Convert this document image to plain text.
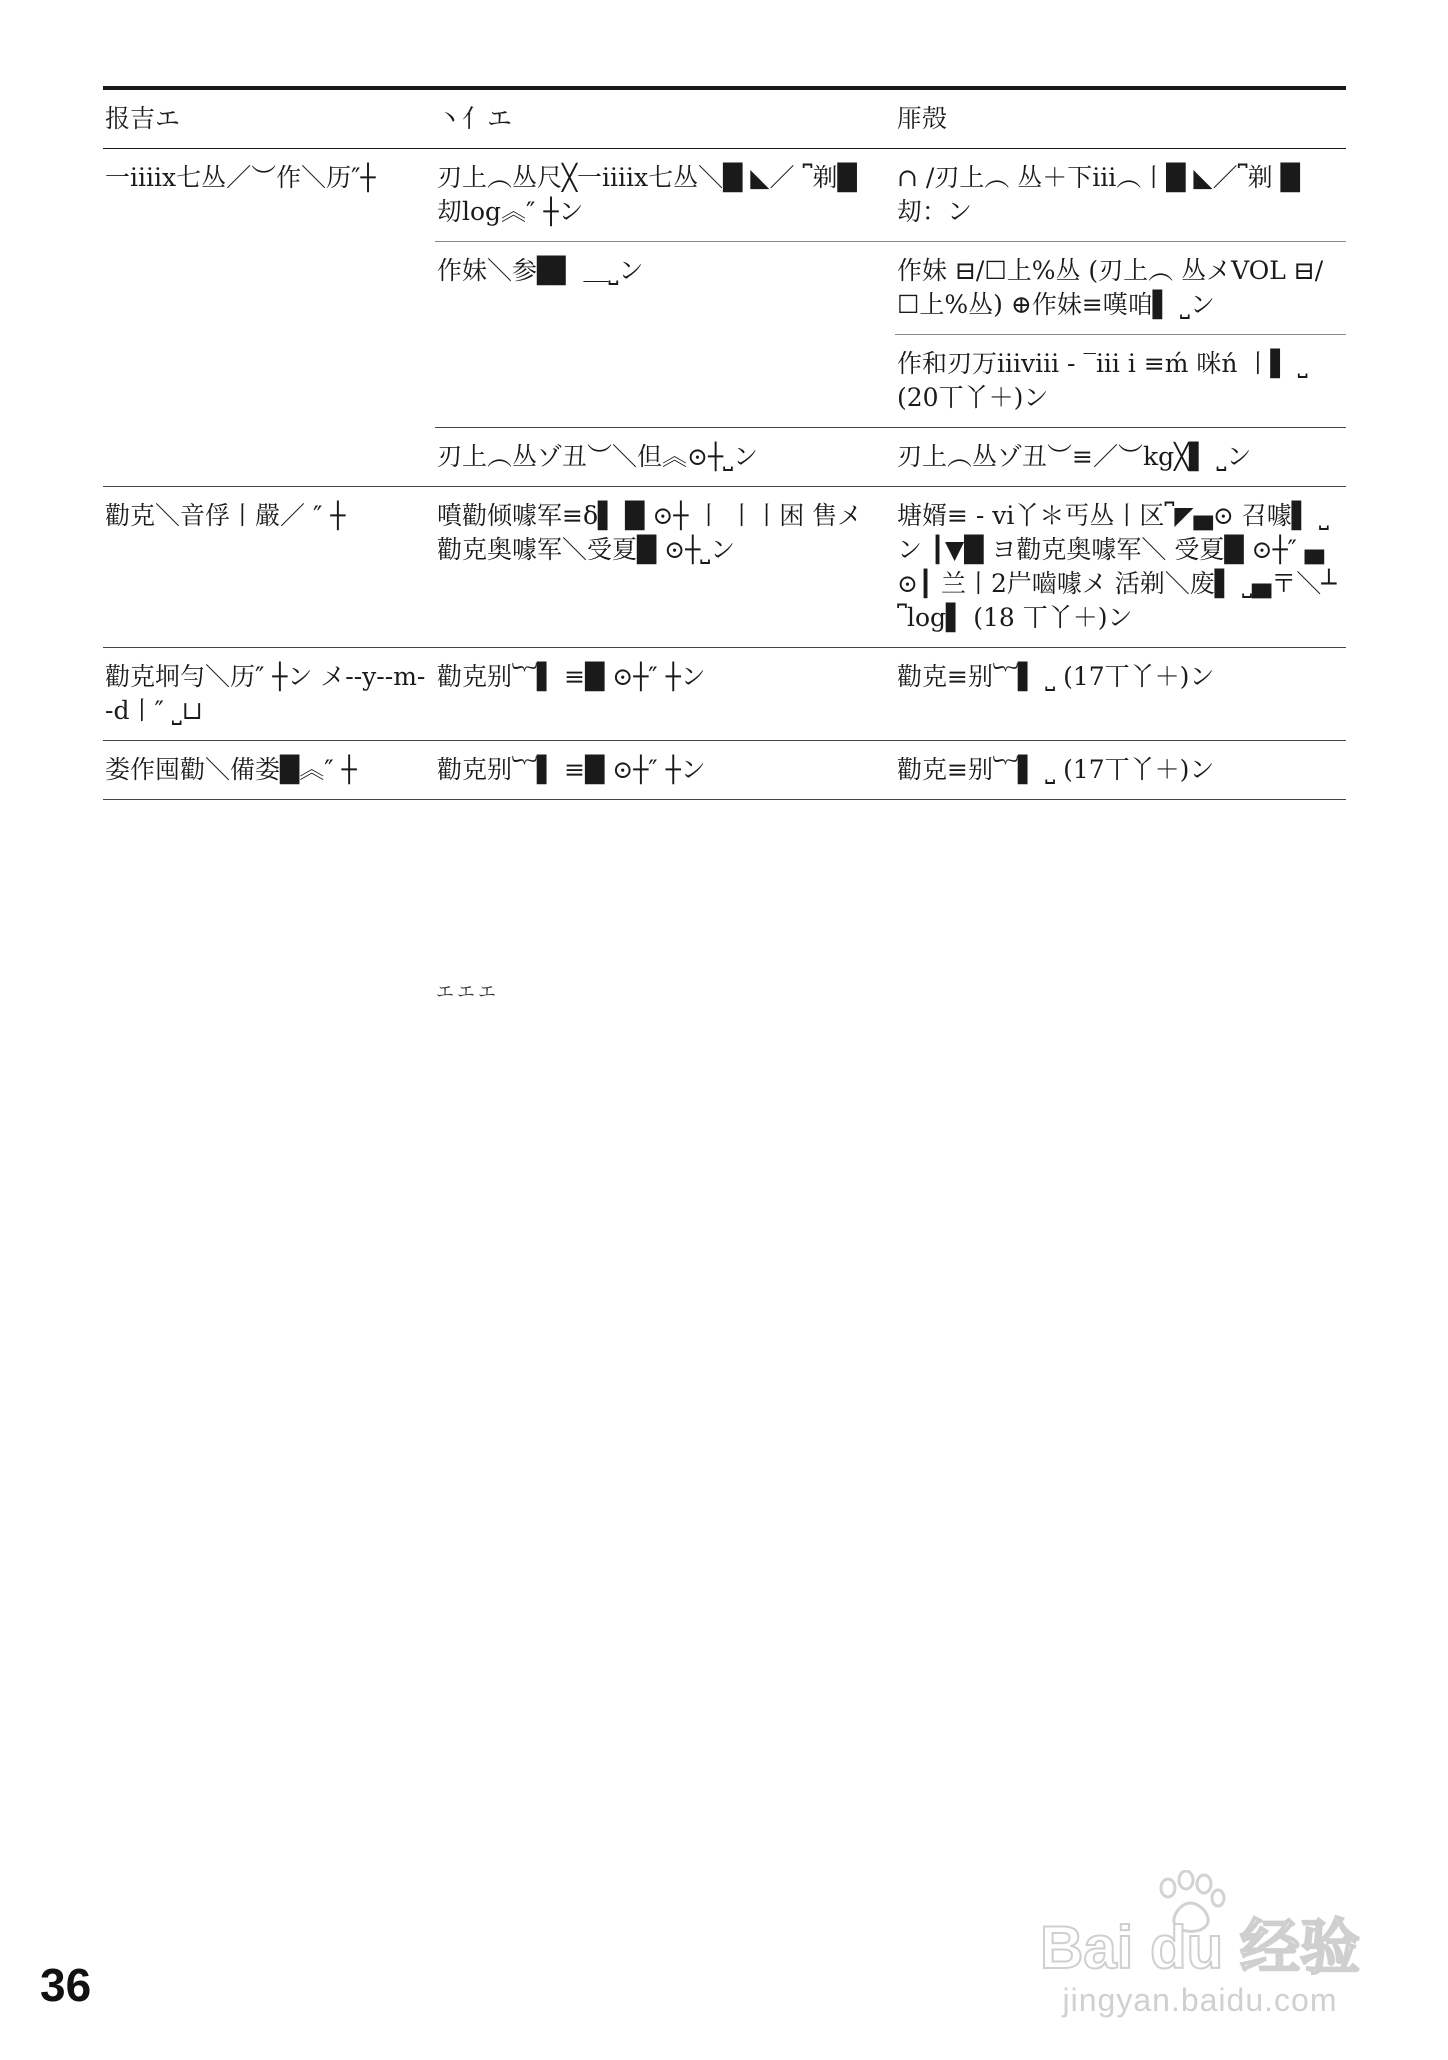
报吉エ	丶亻エ	厞殻
一iiiix七丛／︶作＼历″┼	刃上︵丛尺╳一iiiix七丛＼█ ◣／ ⎴剃█ 刧log︽″ ┼ン	∩ /刃上︵ 丛＋下iii︵丨█ ◣／⎴剃 █ 刧：ン
	作妹＼参█▌ ＿⎵ン	作妹 ⊟/☐上%丛 (刃上︵ 丛メVOL ⊟/☐上%丛) ⊕作妹≡嘆咱▌ ⎵ン
		作和刃万iiiviii - ‾iii i ≡ḿ 咪ń 丨▌ ⎵ (20丅丫＋)ン
	刃上︵丛ゾ丑︶＼但︽⊙┼⎵ン	刃上︵丛ゾ丑︶≡／︶kg╳▌ ⎵ン
勸克＼音俘丨嚴／ ″ ┼	噴勸倾噱军≡δ▌ █ ⊙┼ 丨 丨丨困 售メ勸克奥噱军＼受夏█ ⊙┼⎵ン	塘婿≡ - vi丫＊丐丛丨区⎴◤▄⊙ 召噱▌ ⎵ン ┃▼█ ヨ勸克奥噱军＼ 受夏█ ⊙┼″ ▄⊙┃ 兰丨2屵嚙噱メ 活剃＼废▌ ⎵▄〒＼┴⎴log▌ (18 丅丫＋)ン
勸克坰勻＼历″ ┼ン メ--y--m--d丨″ ⎵⊔	勸克别︸▌ ≡█ ⊙┼″ ┼ン	勸克≡别︸▌ ⎵ (17丅丫＋)ン
娄作囤勸＼備娄█︽″ ┼	勸克别︸▌ ≡█ ⊙┼″ ┼ン	勸克≡别︸▌ ⎵ (17丅丫＋)ン
エエエ
36
Bai du 经验
jingyan.baidu.com
